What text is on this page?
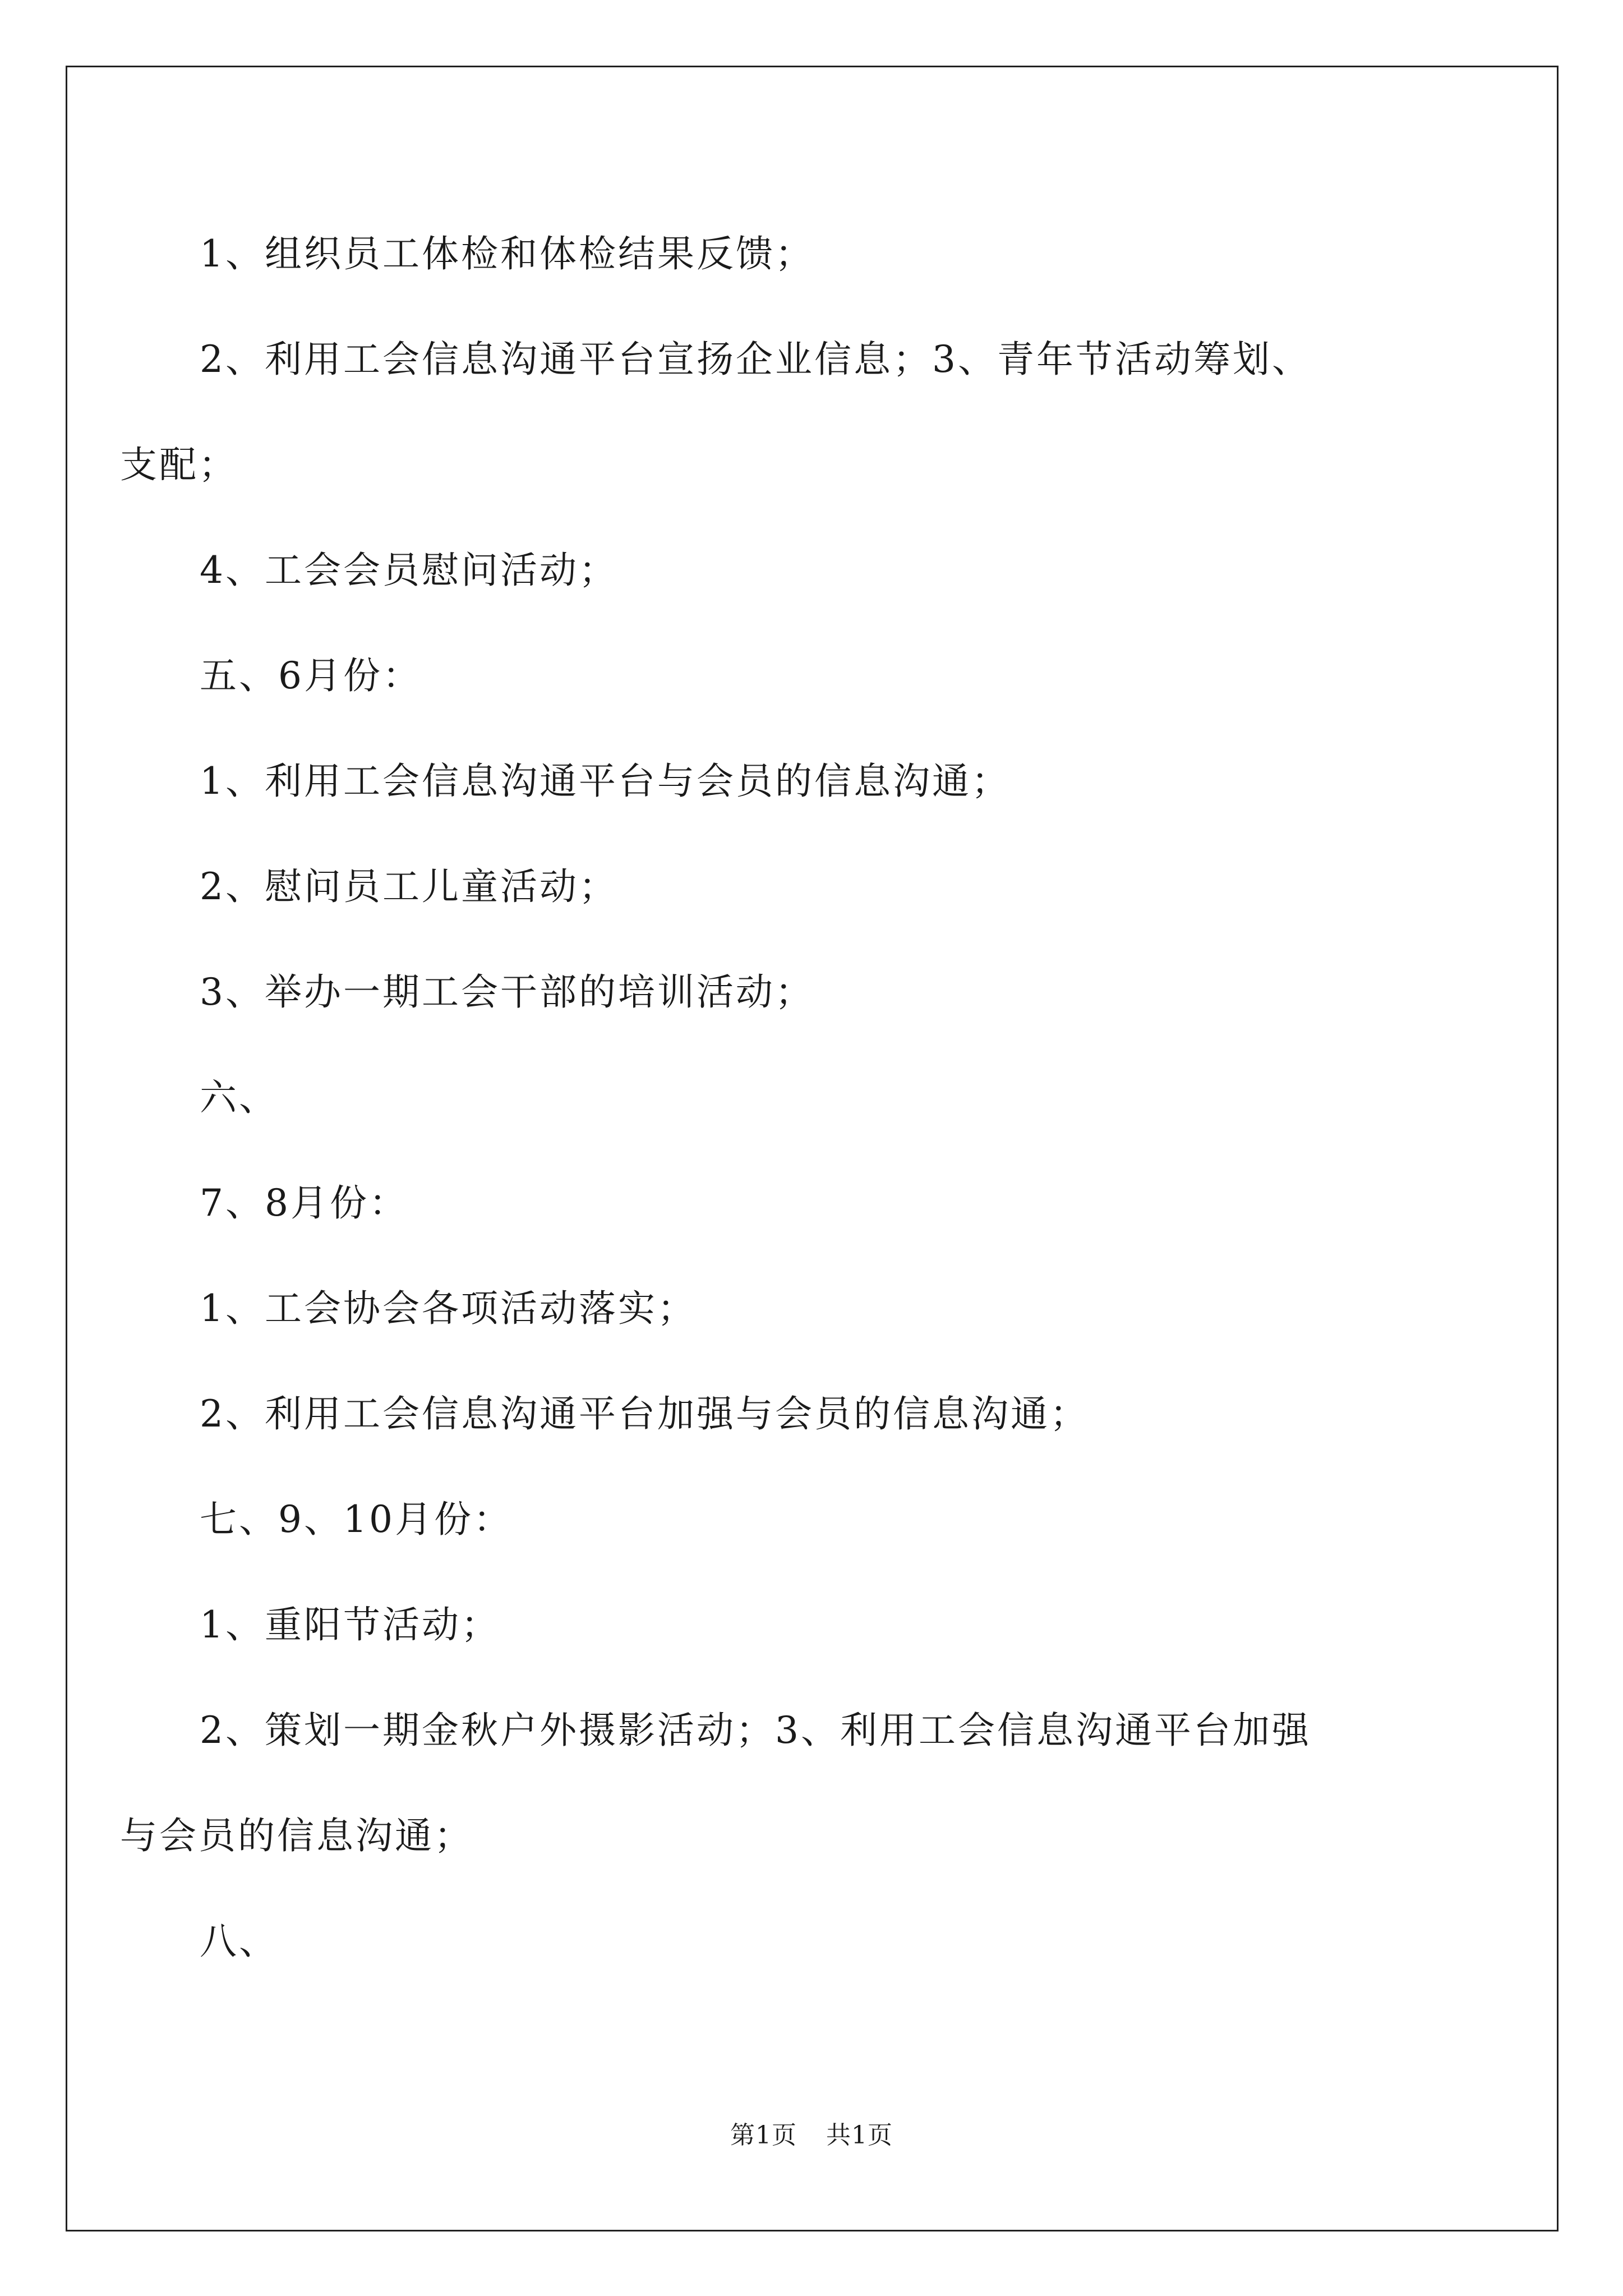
1、组织员工体检和体检结果反馈；
2、利用工会信息沟通平台宣扬企业信息；3、青年节活动筹划、
支配；
4、工会会员慰问活动；
五、6月份：
1、利用工会信息沟通平台与会员的信息沟通；
2、慰问员工儿童活动；
3、举办一期工会干部的培训活动；
六、
7、8月份：
1、工会协会各项活动落实；
2、利用工会信息沟通平台加强与会员的信息沟通；
七、9、10月份：
1、重阳节活动；
2、策划一期金秋户外摄影活动；3、利用工会信息沟通平台加强
与会员的信息沟通；
八、
第1页 共1页
